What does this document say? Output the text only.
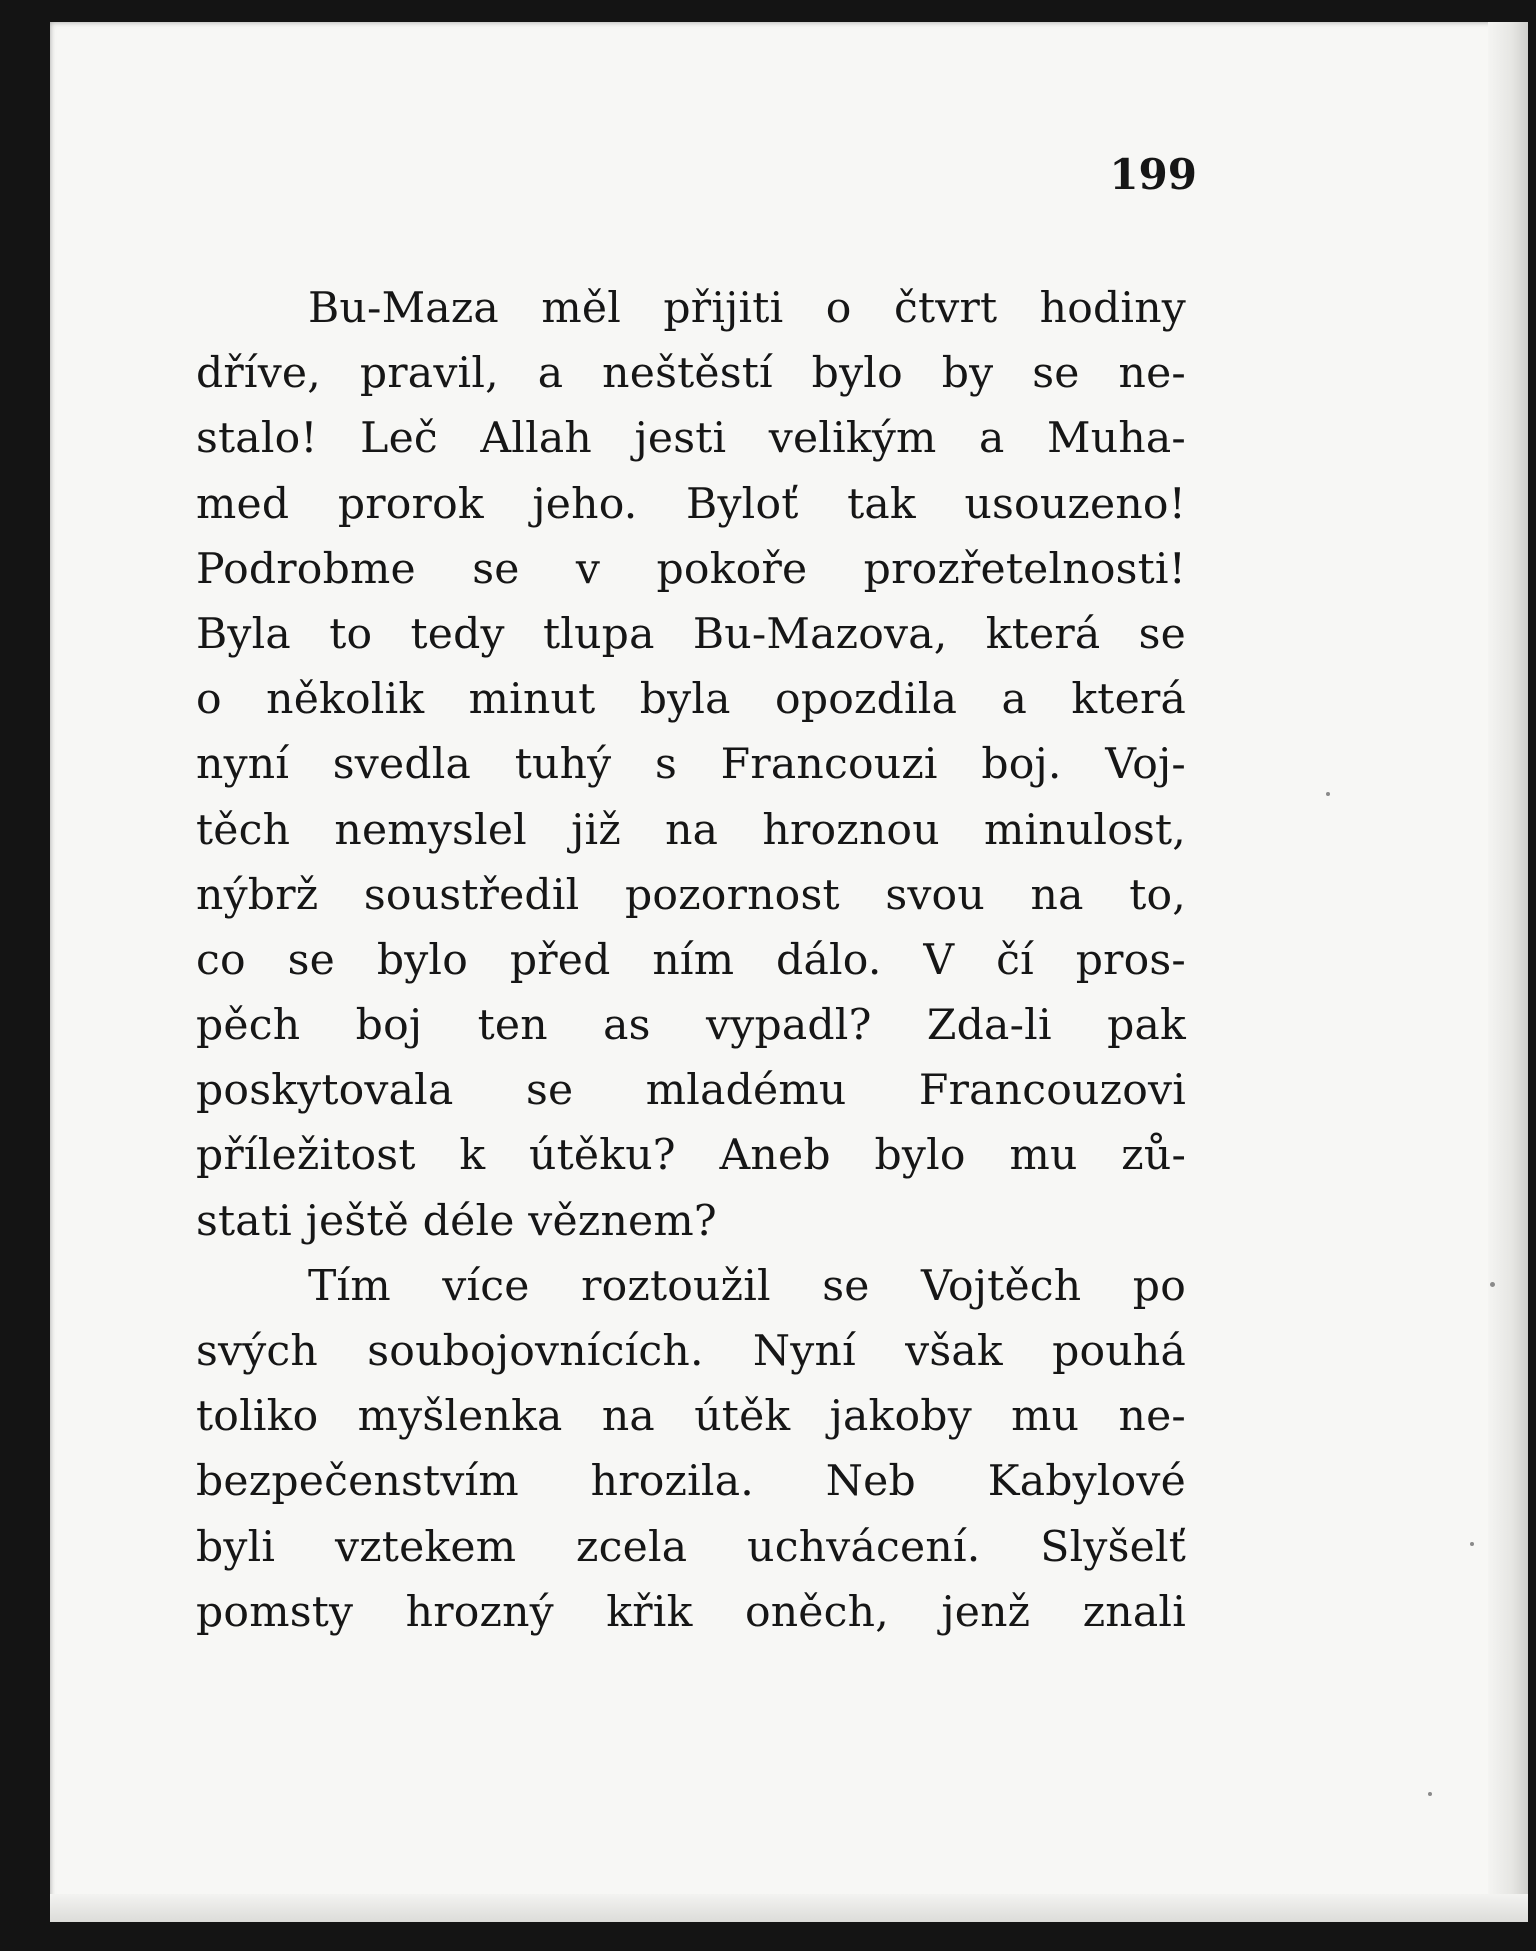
199
Bu-Maza měl přijiti o čtvrt hodiny
dříve, pravil, a neštěstí bylo by se ne-
stalo! Leč Allah jesti velikým a Muha-
med prorok jeho. Byloť tak usouzeno!
Podrobme se v pokoře prozřetelnosti!
Byla to tedy tlupa Bu-Mazova, která se
o několik minut byla opozdila a která
nyní svedla tuhý s Francouzi boj. Voj-
těch nemyslel již na hroznou minulost,
nýbrž soustředil pozornost svou na to,
co se bylo před ním dálo. V čí pros-
pěch boj ten as vypadl? Zda-li pak
poskytovala se mladému Francouzovi
příležitost k útěku? Aneb bylo mu zů-
stati ještě déle věznem?
Tím více roztoužil se Vojtěch po
svých soubojovnících. Nyní však pouhá
toliko myšlenka na útěk jakoby mu ne-
bezpečenstvím hrozila. Neb Kabylové
byli vztekem zcela uchvácení. Slyšelť
pomsty hrozný křik oněch, jenž znali
